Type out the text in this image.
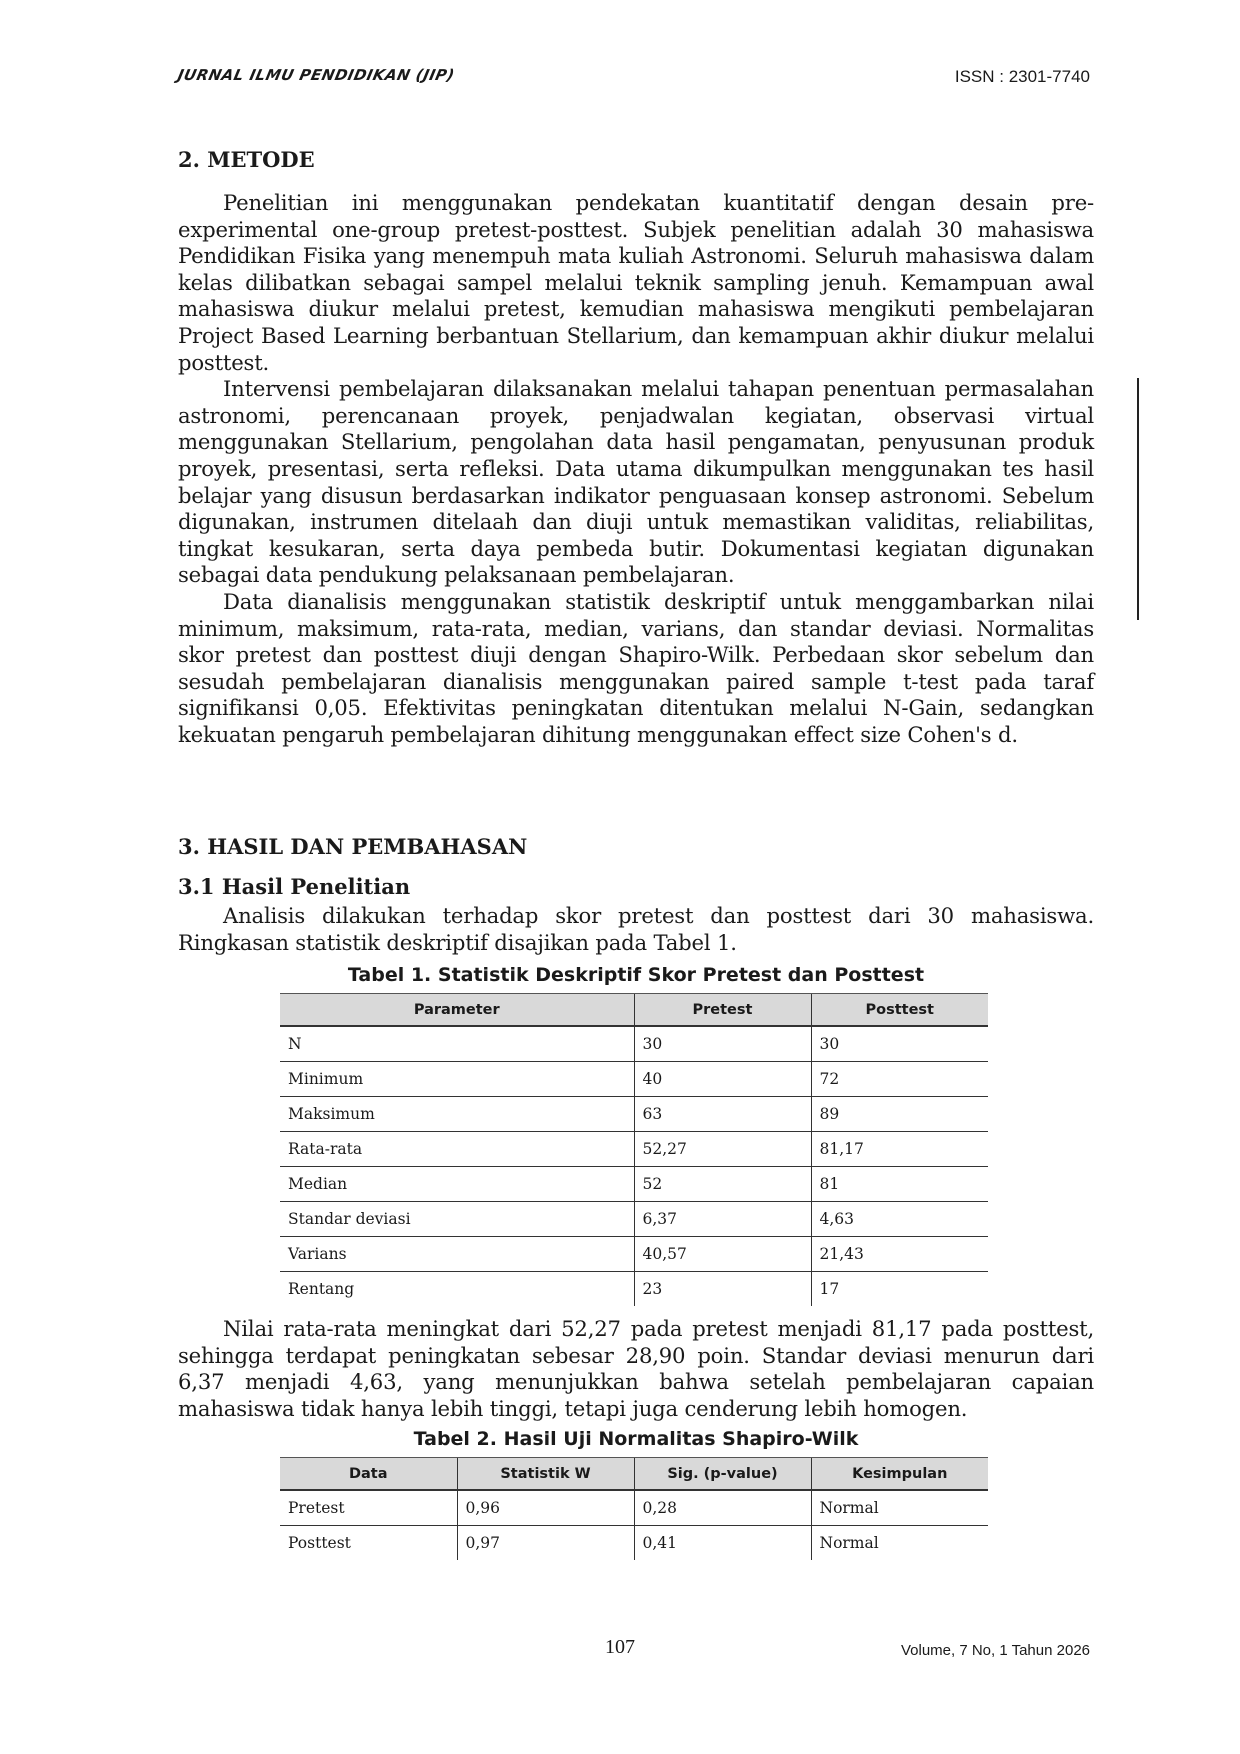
JURNAL ILMU PENDIDIKAN (JIP)	ISSN : 2301-7740
2. METODE

Penelitian ini menggunakan pendekatan kuantitatif dengan desain pre-experimental one-group pretest-posttest. Subjek penelitian adalah 30 mahasiswa Pendidikan Fisika yang menempuh mata kuliah Astronomi. Seluruh mahasiswa dalam kelas dilibatkan sebagai sampel melalui teknik sampling jenuh. Kemampuan awal mahasiswa diukur melalui pretest, kemudian mahasiswa mengikuti pembelajaran Project Based Learning berbantuan Stellarium, dan kemampuan akhir diukur melalui posttest.

Intervensi pembelajaran dilaksanakan melalui tahapan penentuan permasalahan astronomi, perencanaan proyek, penjadwalan kegiatan, observasi virtual menggunakan Stellarium, pengolahan data hasil pengamatan, penyusunan produk proyek, presentasi, serta refleksi. Data utama dikumpulkan menggunakan tes hasil belajar yang disusun berdasarkan indikator penguasaan konsep astronomi. Sebelum digunakan, instrumen ditelaah dan diuji untuk memastikan validitas, reliabilitas, tingkat kesukaran, serta daya pembeda butir. Dokumentasi kegiatan digunakan sebagai data pendukung pelaksanaan pembelajaran.

Data dianalisis menggunakan statistik deskriptif untuk menggambarkan nilai minimum, maksimum, rata-rata, median, varians, dan standar deviasi. Normalitas skor pretest dan posttest diuji dengan Shapiro-Wilk. Perbedaan skor sebelum dan sesudah pembelajaran dianalisis menggunakan paired sample t-test pada taraf signifikansi 0,05. Efektivitas peningkatan ditentukan melalui N-Gain, sedangkan kekuatan pengaruh pembelajaran dihitung menggunakan effect size Cohen's d.

3. HASIL DAN PEMBAHASAN
3.1 Hasil Penelitian

Analisis dilakukan terhadap skor pretest dan posttest dari 30 mahasiswa. Ringkasan statistik deskriptif disajikan pada Tabel 1.

Tabel 1. Statistik Deskriptif Skor Pretest dan Posttest
Parameter	Pretest	Posttest
N	30	30
Minimum	40	72
Maksimum	63	89
Rata-rata	52,27	81,17
Median	52	81
Standar deviasi	6,37	4,63
Varians	40,57	21,43
Rentang	23	17

Nilai rata-rata meningkat dari 52,27 pada pretest menjadi 81,17 pada posttest, sehingga terdapat peningkatan sebesar 28,90 poin. Standar deviasi menurun dari 6,37 menjadi 4,63, yang menunjukkan bahwa setelah pembelajaran capaian mahasiswa tidak hanya lebih tinggi, tetapi juga cenderung lebih homogen.

Tabel 2. Hasil Uji Normalitas Shapiro-Wilk
Data	Statistik W	Sig. (p-value)	Kesimpulan
Pretest	0,96	0,28	Normal
Posttest	0,97	0,41	Normal
107	Volume, 7 No, 1 Tahun 2026
